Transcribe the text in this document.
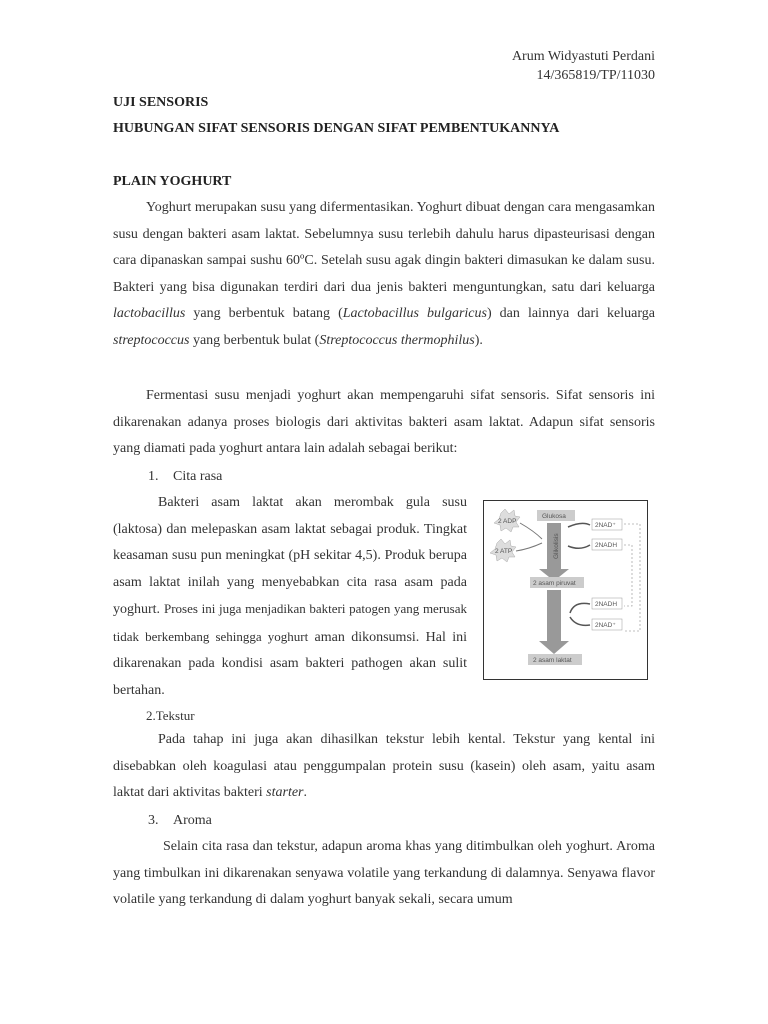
Arum Widyastuti Perdani
14/365819/TP/11030
UJI SENSORIS
HUBUNGAN SIFAT SENSORIS DENGAN SIFAT PEMBENTUKANNYA
PLAIN YOGHURT

Yoghurt merupakan susu yang difermentasikan. Yoghurt dibuat dengan cara mengasamkan susu dengan bakteri asam laktat. Sebelumnya susu terlebih dahulu harus dipasteurisasi dengan cara dipanaskan sampai sushu 60ºC. Setelah susu agak dingin bakteri dimasukan ke dalam susu. Bakteri yang bisa digunakan terdiri dari dua jenis bakteri menguntungkan, satu dari keluarga lactobacillus yang berbentuk batang (Lactobacillus bulgaricus) dan lainnya dari keluarga streptococcus yang berbentuk bulat (Streptococcus thermophilus).

Fermentasi susu menjadi yoghurt akan mempengaruhi sifat sensoris. Sifat sensoris ini dikarenakan adanya proses biologis dari aktivitas bakteri asam laktat. Adapun sifat sensoris yang diamati pada yoghurt antara lain adalah sebagai berikut:

1. Cita rasa

Bakteri asam laktat akan merombak gula susu (laktosa) dan melepaskan asam laktat sebagai produk. Tingkat keasaman susu pun meningkat (pH sekitar 4,5). Produk berupa asam laktat inilah yang menyebabkan cita rasa asam pada yoghurt. Proses ini juga menjadikan bakteri patogen yang merusak tidak berkembang sehingga yoghurt aman dikonsumsi. Hal ini dikarenakan pada kondisi asam bakteri pathogen akan sulit bertahan.

Glukosa
Glikolisis
2 ADP
2 ATP
2NAD⁺
2NADH
2 asam piruvat
2NADH
2NAD⁺
2 asam laktat
2.Tekstur

Pada tahap ini juga akan dihasilkan tekstur lebih kental. Tekstur yang kental ini disebabkan oleh koagulasi atau penggumpalan protein susu (kasein) oleh asam, yaitu asam laktat dari aktivitas bakteri starter.

3. Aroma

Selain cita rasa dan tekstur, adapun aroma khas yang ditimbulkan oleh yoghurt. Aroma yang timbulkan ini dikarenakan senyawa volatile yang terkandung di dalamnya. Senyawa flavor volatile yang terkandung di dalam yoghurt banyak sekali, secara umum
